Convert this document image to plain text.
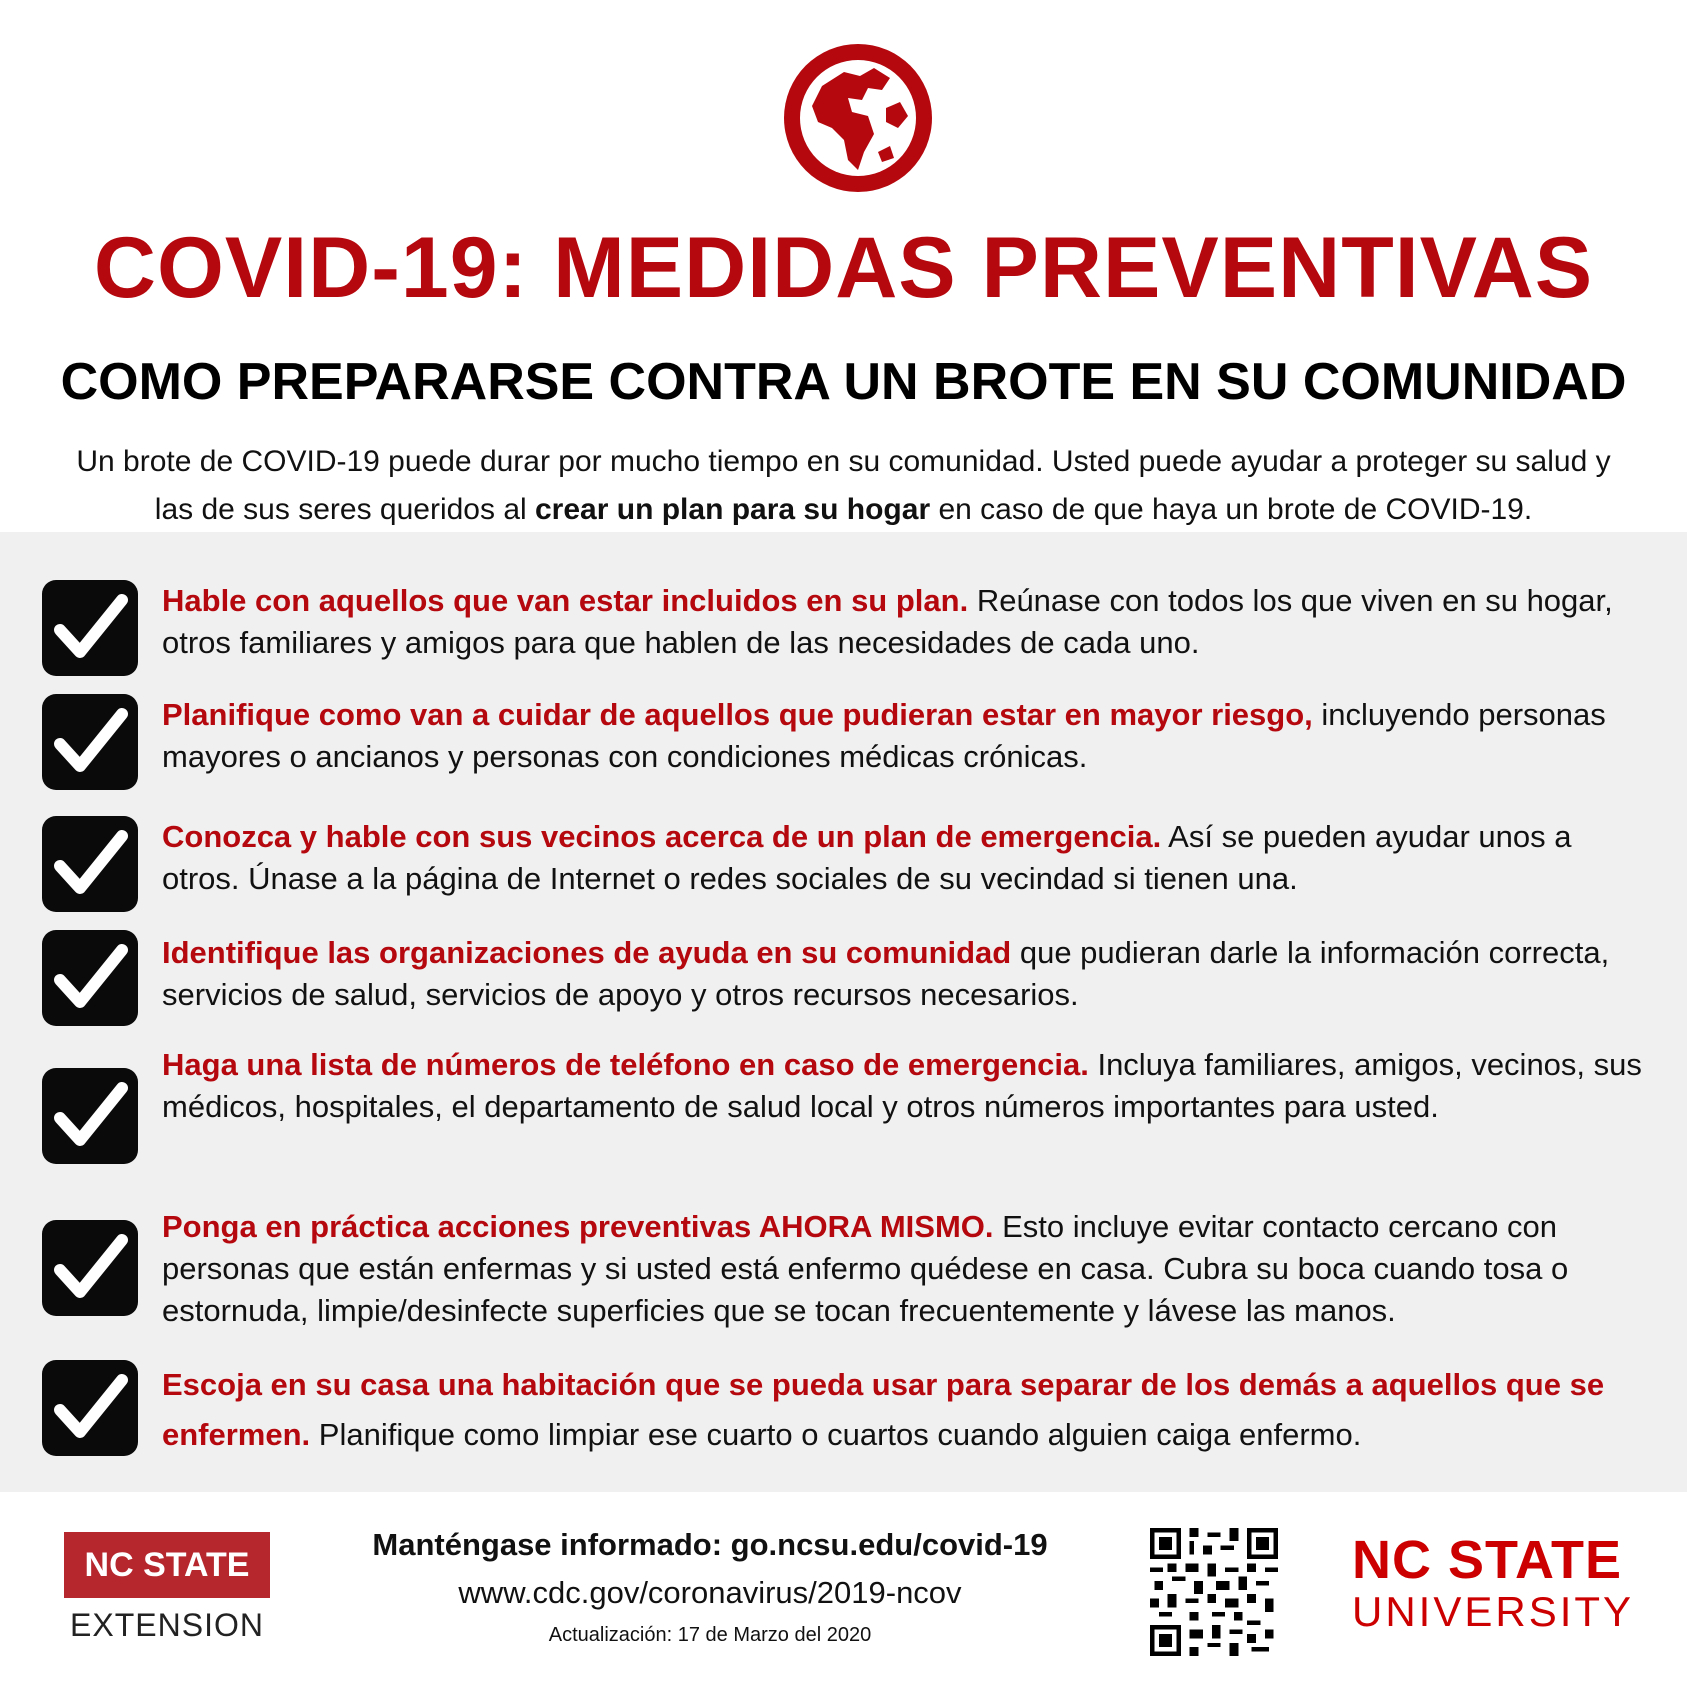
COVID-19: MEDIDAS PREVENTIVAS
COMO PREPARARSE CONTRA UN BROTE EN SU COMUNIDAD
Un brote de COVID-19 puede durar por mucho tiempo en su comunidad. Usted puede ayudar a proteger su salud y las de sus seres queridos al crear un plan para su hogar en caso de que haya un brote de COVID-19.
Hable con aquellos que van estar incluidos en su plan. Reúnase con todos los que viven en su hogar, otros familiares y amigos para que hablen de las necesidades de cada uno.
Planifique como van a cuidar de aquellos que pudieran estar en mayor riesgo, incluyendo personas mayores o ancianos y personas con condiciones médicas crónicas.
Conozca y hable con sus vecinos acerca de un plan de emergencia. Así se pueden ayudar unos a otros. Únase a la página de Internet o redes sociales de su vecindad si tienen una.
Identifique las organizaciones de ayuda en su comunidad que pudieran darle la información correcta, servicios de salud, servicios de apoyo y otros recursos necesarios.
Haga una lista de números de teléfono en caso de emergencia. Incluya familiares, amigos, vecinos, sus médicos, hospitales, el departamento de salud local y otros números importantes para usted.
Ponga en práctica acciones preventivas AHORA MISMO. Esto incluye evitar contacto cercano con personas que están enfermas y si usted está enfermo quédese en casa. Cubra su boca cuando tosa o estornuda, limpie/desinfecte superficies que se tocan frecuentemente y lávese las manos.
Escoja en su casa una habitación que se pueda usar para separar de los demás a aquellos que se enfermen. Planifique como limpiar ese cuarto o cuartos cuando alguien caiga enfermo.
NC STATE
EXTENSION
Manténgase informado: go.ncsu.edu/covid-19
www.cdc.gov/coronavirus/2019-ncov
Actualización: 17 de Marzo del 2020
NC STATE
UNIVERSITY
